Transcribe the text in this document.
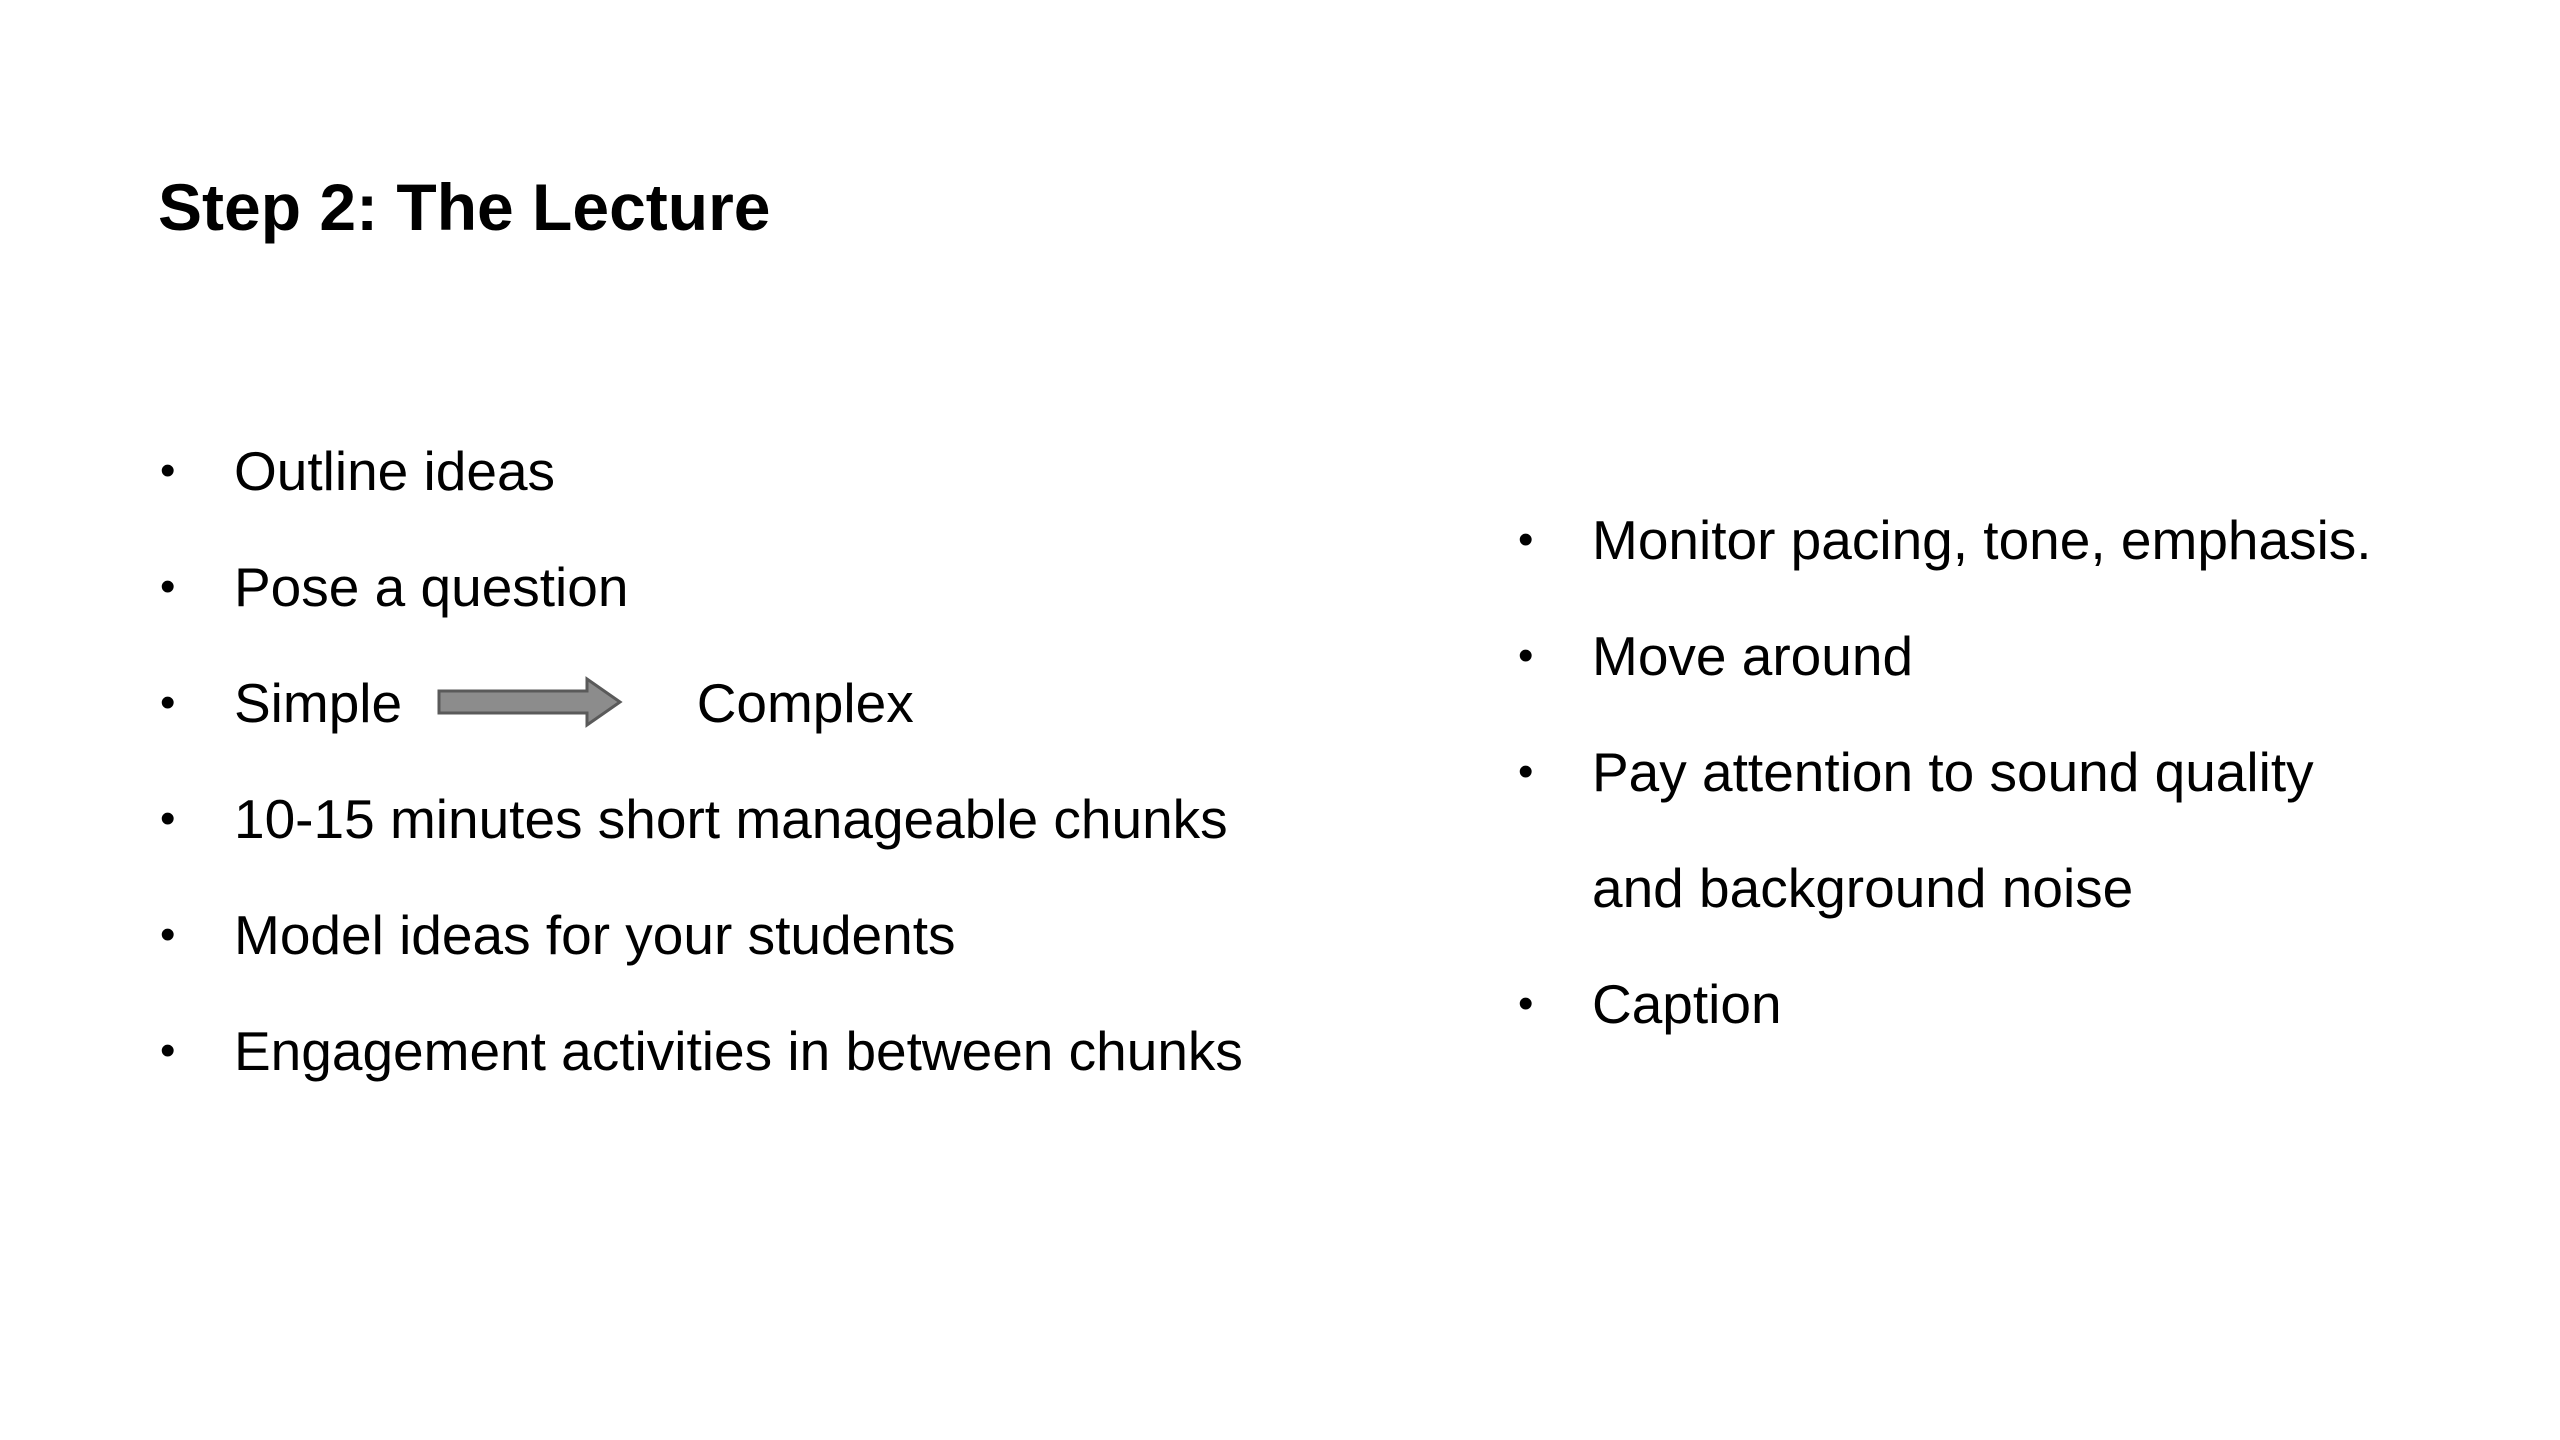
Step 2: The Lecture
• Outline ideas
• Pose a question
• Simple	Complex
• 10-15 minutes short manageable chunks
• Model ideas for your students
• Engagement activities in between chunks
• Monitor pacing, tone, emphasis.
• Move around
• Pay attention to sound quality
and background noise
• Caption
